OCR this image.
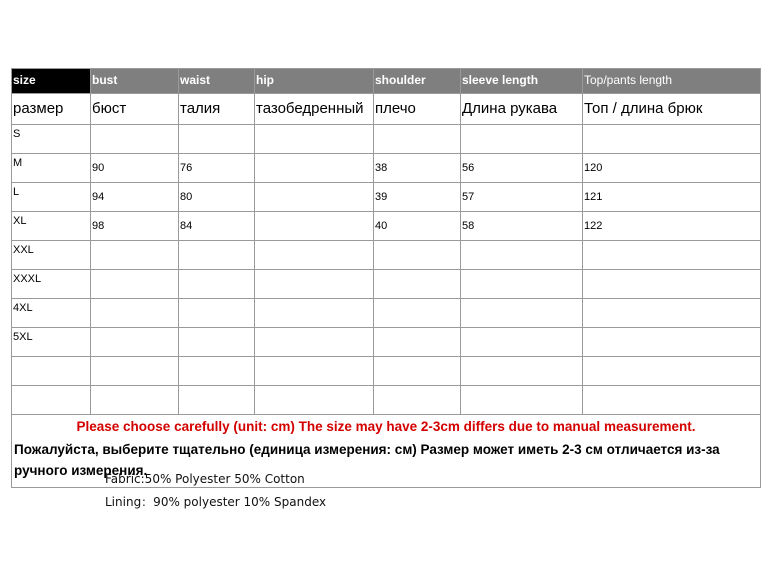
size	bust	waist	hip	shoulder	sleeve length	Top/pants length
размер	бюст	талия	тазобедренный	плечо	Длина рукава	Топ / длина брюк
S						
M	90	76		38	56	120
L	94	80		39	57	121
XL	98	84		40	58	122
XXL						
XXXL						
4XL						
5XL						

Please choose carefully (unit: cm) The size may have 2-3cm differs due to manual measurement.
Пожалуйста, выберите тщательно (единица измерения: см) Размер может иметь 2-3 см отличается из-за ручного измерения.						
Fabric:50% Polyester 50% Cotton
Lining：90% polyester 10% Spandex
